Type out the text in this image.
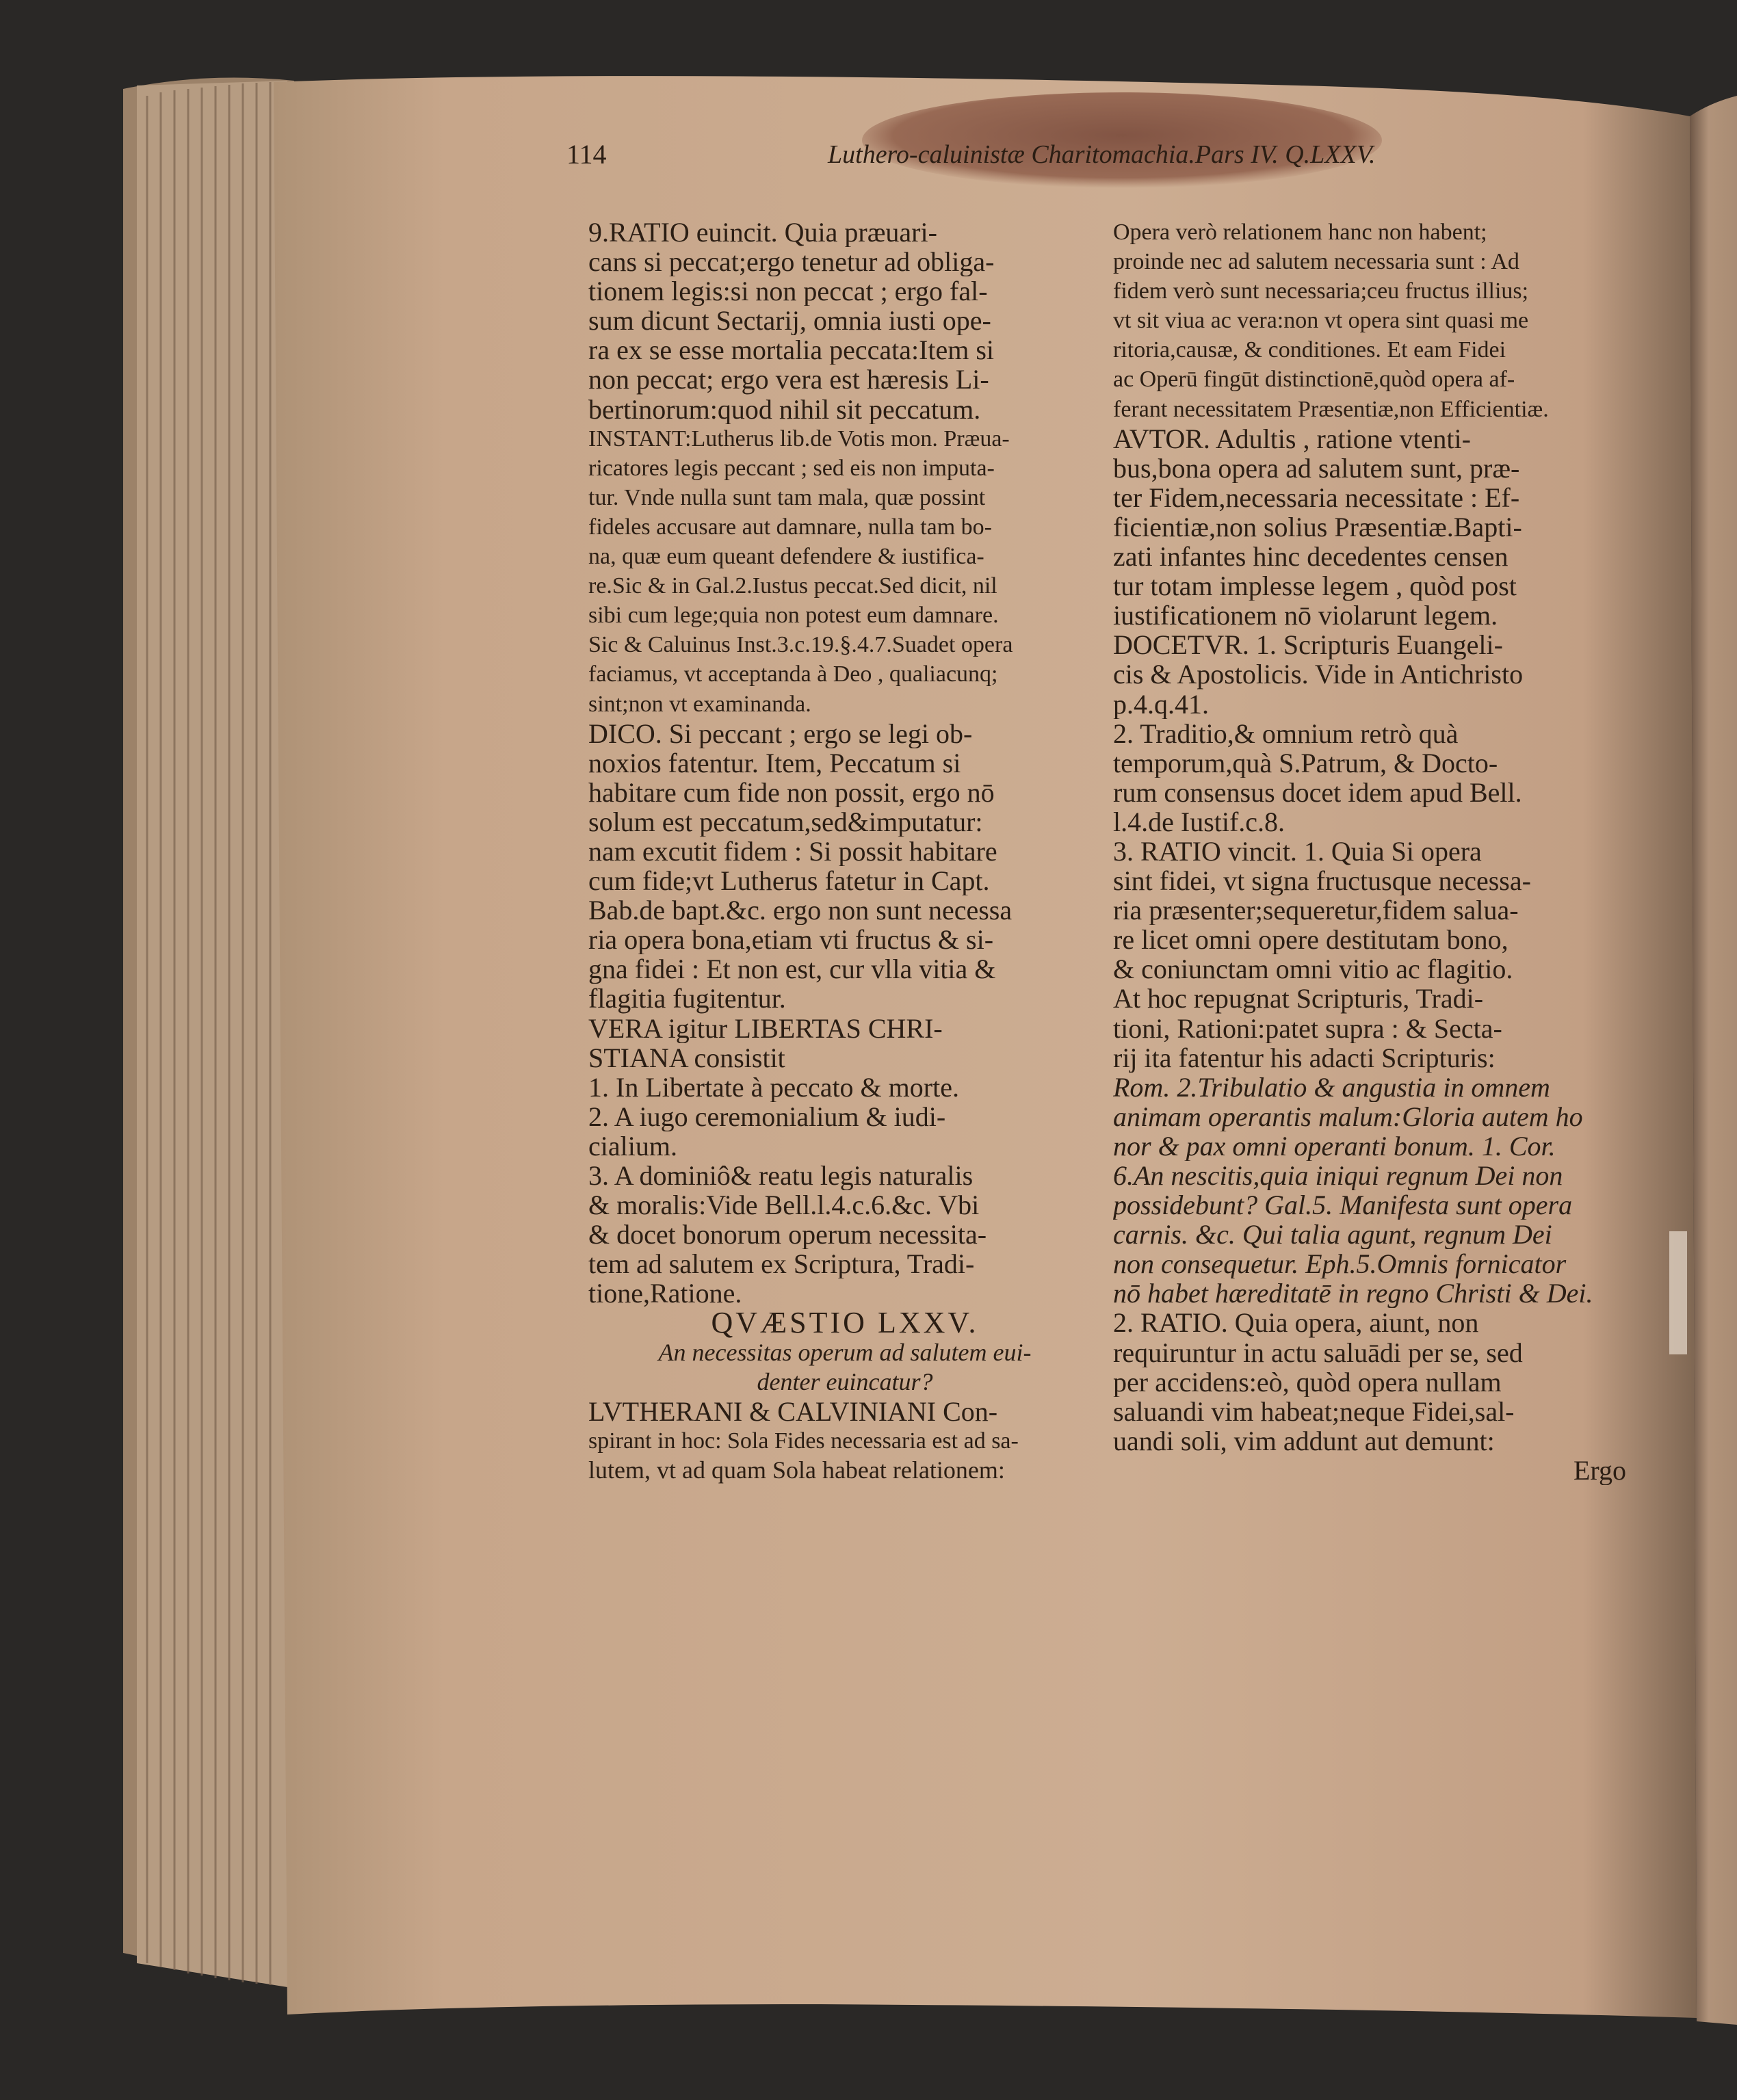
114	Luthero-caluinistæ Charitomachia.Pars IV. Q.LXXV.

9.RATIO euincit. Quia præuari-
cans si peccat;ergo tenetur ad obliga-
tionem legis:si non peccat ; ergo fal-
sum dicunt Sectarij, omnia iusti ope-
ra ex se esse mortalia peccata:Item si
non peccat; ergo vera est hæresis Li-
bertinorum:quod nihil sit peccatum.
INSTANT:Lutherus lib.de Votis mon. Præua-
ricatores legis peccant ; sed eis non imputa-
tur. Vnde nulla sunt tam mala, quæ possint
fideles accusare aut damnare, nulla tam bo-
na, quæ eum queant defendere & iustifica-
re.Sic & in Gal.2.Iustus peccat.Sed dicit, nil
sibi cum lege;quia non potest eum damnare.
Sic & Caluinus Inst.3.c.19.§.4.7.Suadet opera
faciamus, vt acceptanda à Deo , qualiacunq;
sint;non vt examinanda.
DICO. Si peccant ; ergo se legi ob-
noxios fatentur. Item, Peccatum si
habitare cum fide non possit, ergo nō
solum est peccatum,sed&imputatur:
nam excutit fidem : Si possit habitare
cum fide;vt Lutherus fatetur in Capt.
Bab.de bapt.&c. ergo non sunt necessa
ria opera bona,etiam vti fructus & si-
gna fidei : Et non est, cur vlla vitia &
flagitia fugitentur.
VERA igitur LIBERTAS CHRI-
STIANA consistit
1. In Libertate à peccato & morte.
2. A iugo ceremonialium & iudi-
cialium.
3. A dominiô& reatu legis naturalis
& moralis:Vide Bell.l.4.c.6.&c. Vbi
& docet bonorum operum necessita-
tem ad salutem ex Scriptura, Tradi-
tione,Ratione.
QVÆSTIO LXXV.
An necessitas operum ad salutem eui-
denter euincatur?
LVTHERANI & CALVINIANI Con-
spirant in hoc: Sola Fides necessaria est ad sa-
lutem, vt ad quam Sola habeat relationem:
Opera verò relationem hanc non habent;
proinde nec ad salutem necessaria sunt : Ad
fidem verò sunt necessaria;ceu fructus illius;
vt sit viua ac vera:non vt opera sint quasi me
ritoria,causæ, & conditiones. Et eam Fidei
ac Operū fingūt distinctionē,quòd opera af-
ferant necessitatem Præsentiæ,non Efficientiæ.
AVTOR. Adultis , ratione vtenti-
bus,bona opera ad salutem sunt, præ-
ter Fidem,necessaria necessitate : Ef-
ficientiæ,non solius Præsentiæ.Bapti-
zati infantes hinc decedentes censen
tur totam implesse legem , quòd post
iustificationem nō violarunt legem.
DOCETVR. 1. Scripturis Euangeli-
cis & Apostolicis. Vide in Antichristo
p.4.q.41.
2. Traditio,& omnium retrò quà
temporum,quà S.Patrum, & Docto-
rum consensus docet idem apud Bell.
l.4.de Iustif.c.8.
3. RATIO vincit. 1. Quia Si opera
sint fidei, vt signa fructusque necessa-
ria præsenter;sequeretur,fidem salua-
re licet omni opere destitutam bono,
& coniunctam omni vitio ac flagitio.
At hoc repugnat Scripturis, Tradi-
tioni, Rationi:patet supra : & Secta-
rij ita fatentur his adacti Scripturis:
Rom. 2.Tribulatio & angustia in omnem
animam operantis malum:Gloria autem ho
nor & pax omni operanti bonum. 1. Cor.
6.An nescitis,quia iniqui regnum Dei non
possidebunt? Gal.5. Manifesta sunt opera
carnis. &c. Qui talia agunt, regnum Dei
non consequetur. Eph.5.Omnis fornicator
nō habet hæreditatē in regno Christi & Dei.
2. RATIO. Quia opera, aiunt, non
requiruntur in actu saluādi per se, sed
per accidens:eò, quòd opera nullam
saluandi vim habeat;neque Fidei,sal-
uandi soli, vim addunt aut demunt:
Ergo
